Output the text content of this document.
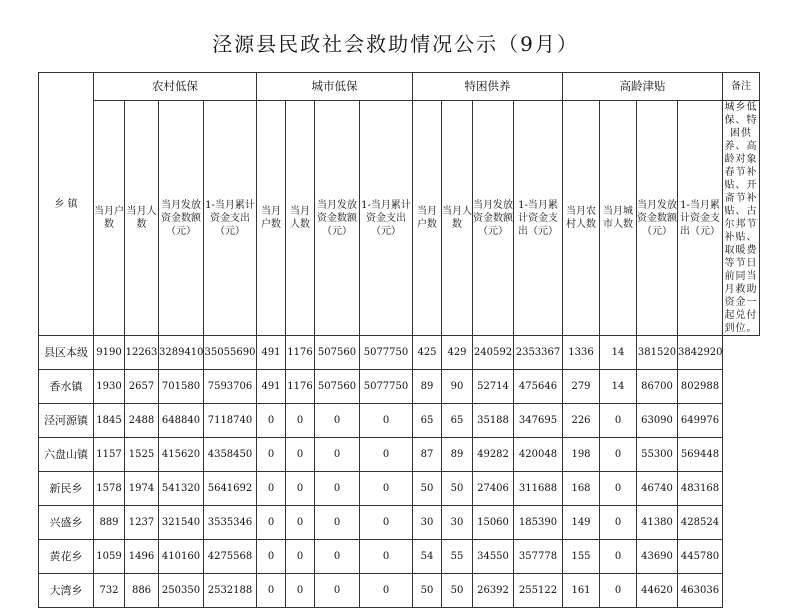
泾源县民政社会救助情况公示（9月）
乡 镇	农村低保				城市低保				特困供养				高龄津贴				备注
	当月户数	当月人数	当月发放资金数额（元）	1-当月累计资金支出（元）	当月户数	当月人数	当月发放资金数额（元）	1-当月累计资金支出（元）	当月户数	当月人数	当月发放资金数额（元）	1-当月累计资金支出（元）	当月农村人数	当月城市人数	当月发放资金数额（元）	1-当月累计资金支出（元）	城乡低保、特困供养、高龄对象春节补贴、开斋节补贴、古尔邦节补贴、取暖费等节日前同当月救助资金一起兑付到位。
县区本级	9190	12263	3289410	35055690	491	1176	507560	5077750	425	429	240592	2353367	1336	14	381520	3842920	
香水镇	1930	2657	701580	7593706	491	1176	507560	5077750	89	90	52714	475646	279	14	86700	802988	
泾河源镇	1845	2488	648840	7118740	0	0	0	0	65	65	35188	347695	226	0	63090	649976	
六盘山镇	1157	1525	415620	4358450	0	0	0	0	87	89	49282	420048	198	0	55300	569448	
新民乡	1578	1974	541320	5641692	0	0	0	0	50	50	27406	311688	168	0	46740	483168	
兴盛乡	889	1237	321540	3535346	0	0	0	0	30	30	15060	185390	149	0	41380	428524	
黄花乡	1059	1496	410160	4275568	0	0	0	0	54	55	34550	357778	155	0	43690	445780	
大湾乡	732	886	250350	2532188	0	0	0	0	50	50	26392	255122	161	0	44620	463036	
